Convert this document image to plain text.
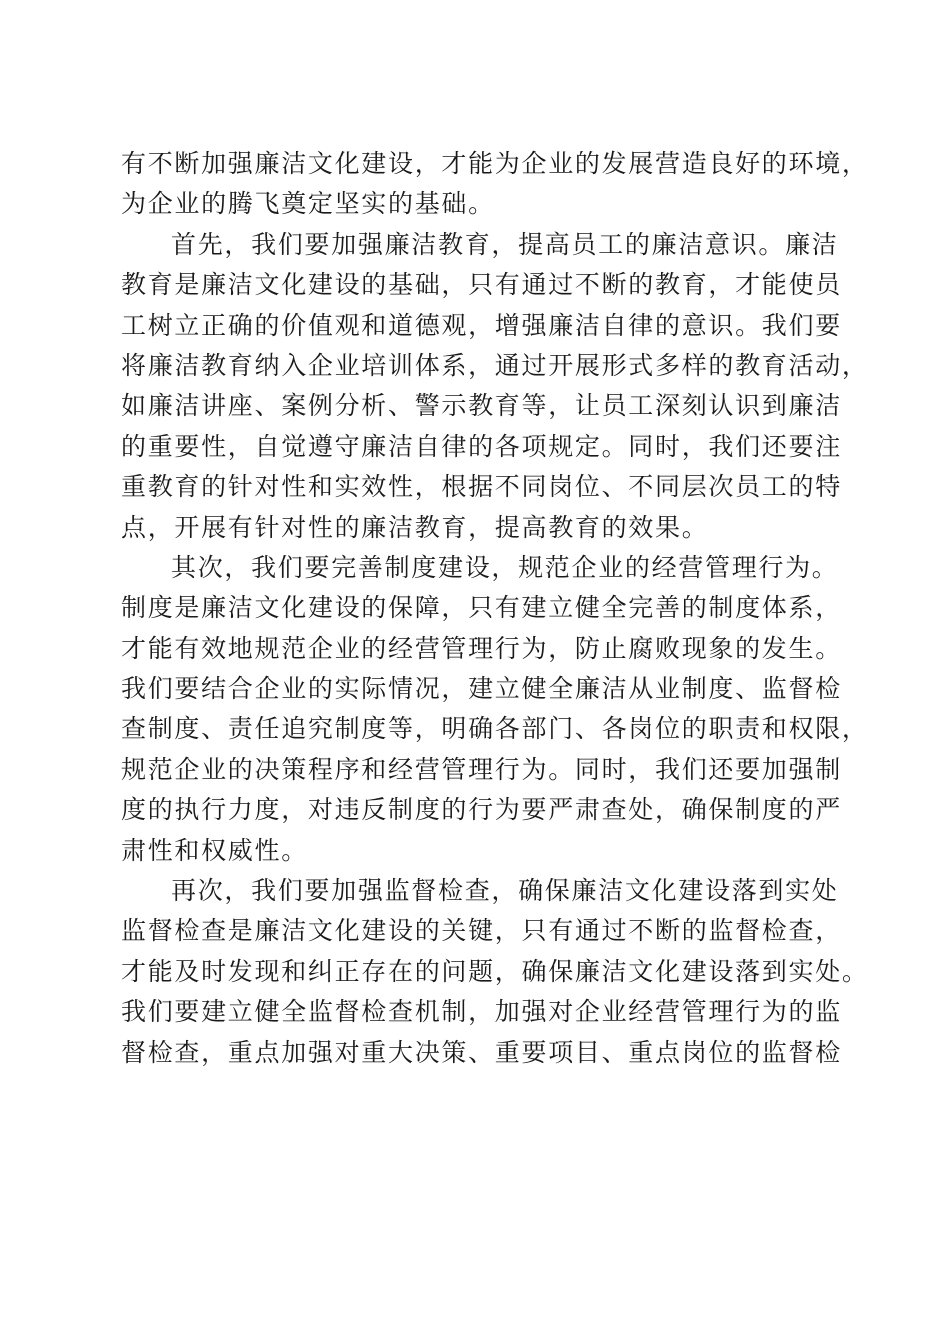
有不断加强廉洁文化建设，才能为企业的发展营造良好的环境，
为企业的腾飞奠定坚实的基础。
首先，我们要加强廉洁教育，提高员工的廉洁意识。廉洁
教育是廉洁文化建设的基础，只有通过不断的教育，才能使员
工树立正确的价值观和道德观，增强廉洁自律的意识。我们要
将廉洁教育纳入企业培训体系，通过开展形式多样的教育活动，
如廉洁讲座、案例分析、警示教育等，让员工深刻认识到廉洁
的重要性，自觉遵守廉洁自律的各项规定。同时，我们还要注
重教育的针对性和实效性，根据不同岗位、不同层次员工的特
点，开展有针对性的廉洁教育，提高教育的效果。
其次，我们要完善制度建设，规范企业的经营管理行为。
制度是廉洁文化建设的保障，只有建立健全完善的制度体系，
才能有效地规范企业的经营管理行为，防止腐败现象的发生。
我们要结合企业的实际情况，建立健全廉洁从业制度、监督检
查制度、责任追究制度等，明确各部门、各岗位的职责和权限，
规范企业的决策程序和经营管理行为。同时，我们还要加强制
度的执行力度，对违反制度的行为要严肃查处，确保制度的严
肃性和权威性。
再次，我们要加强监督检查，确保廉洁文化建设落到实处
监督检查是廉洁文化建设的关键，只有通过不断的监督检查，
才能及时发现和纠正存在的问题，确保廉洁文化建设落到实处。
我们要建立健全监督检查机制，加强对企业经营管理行为的监
督检查，重点加强对重大决策、重要项目、重点岗位的监督检
